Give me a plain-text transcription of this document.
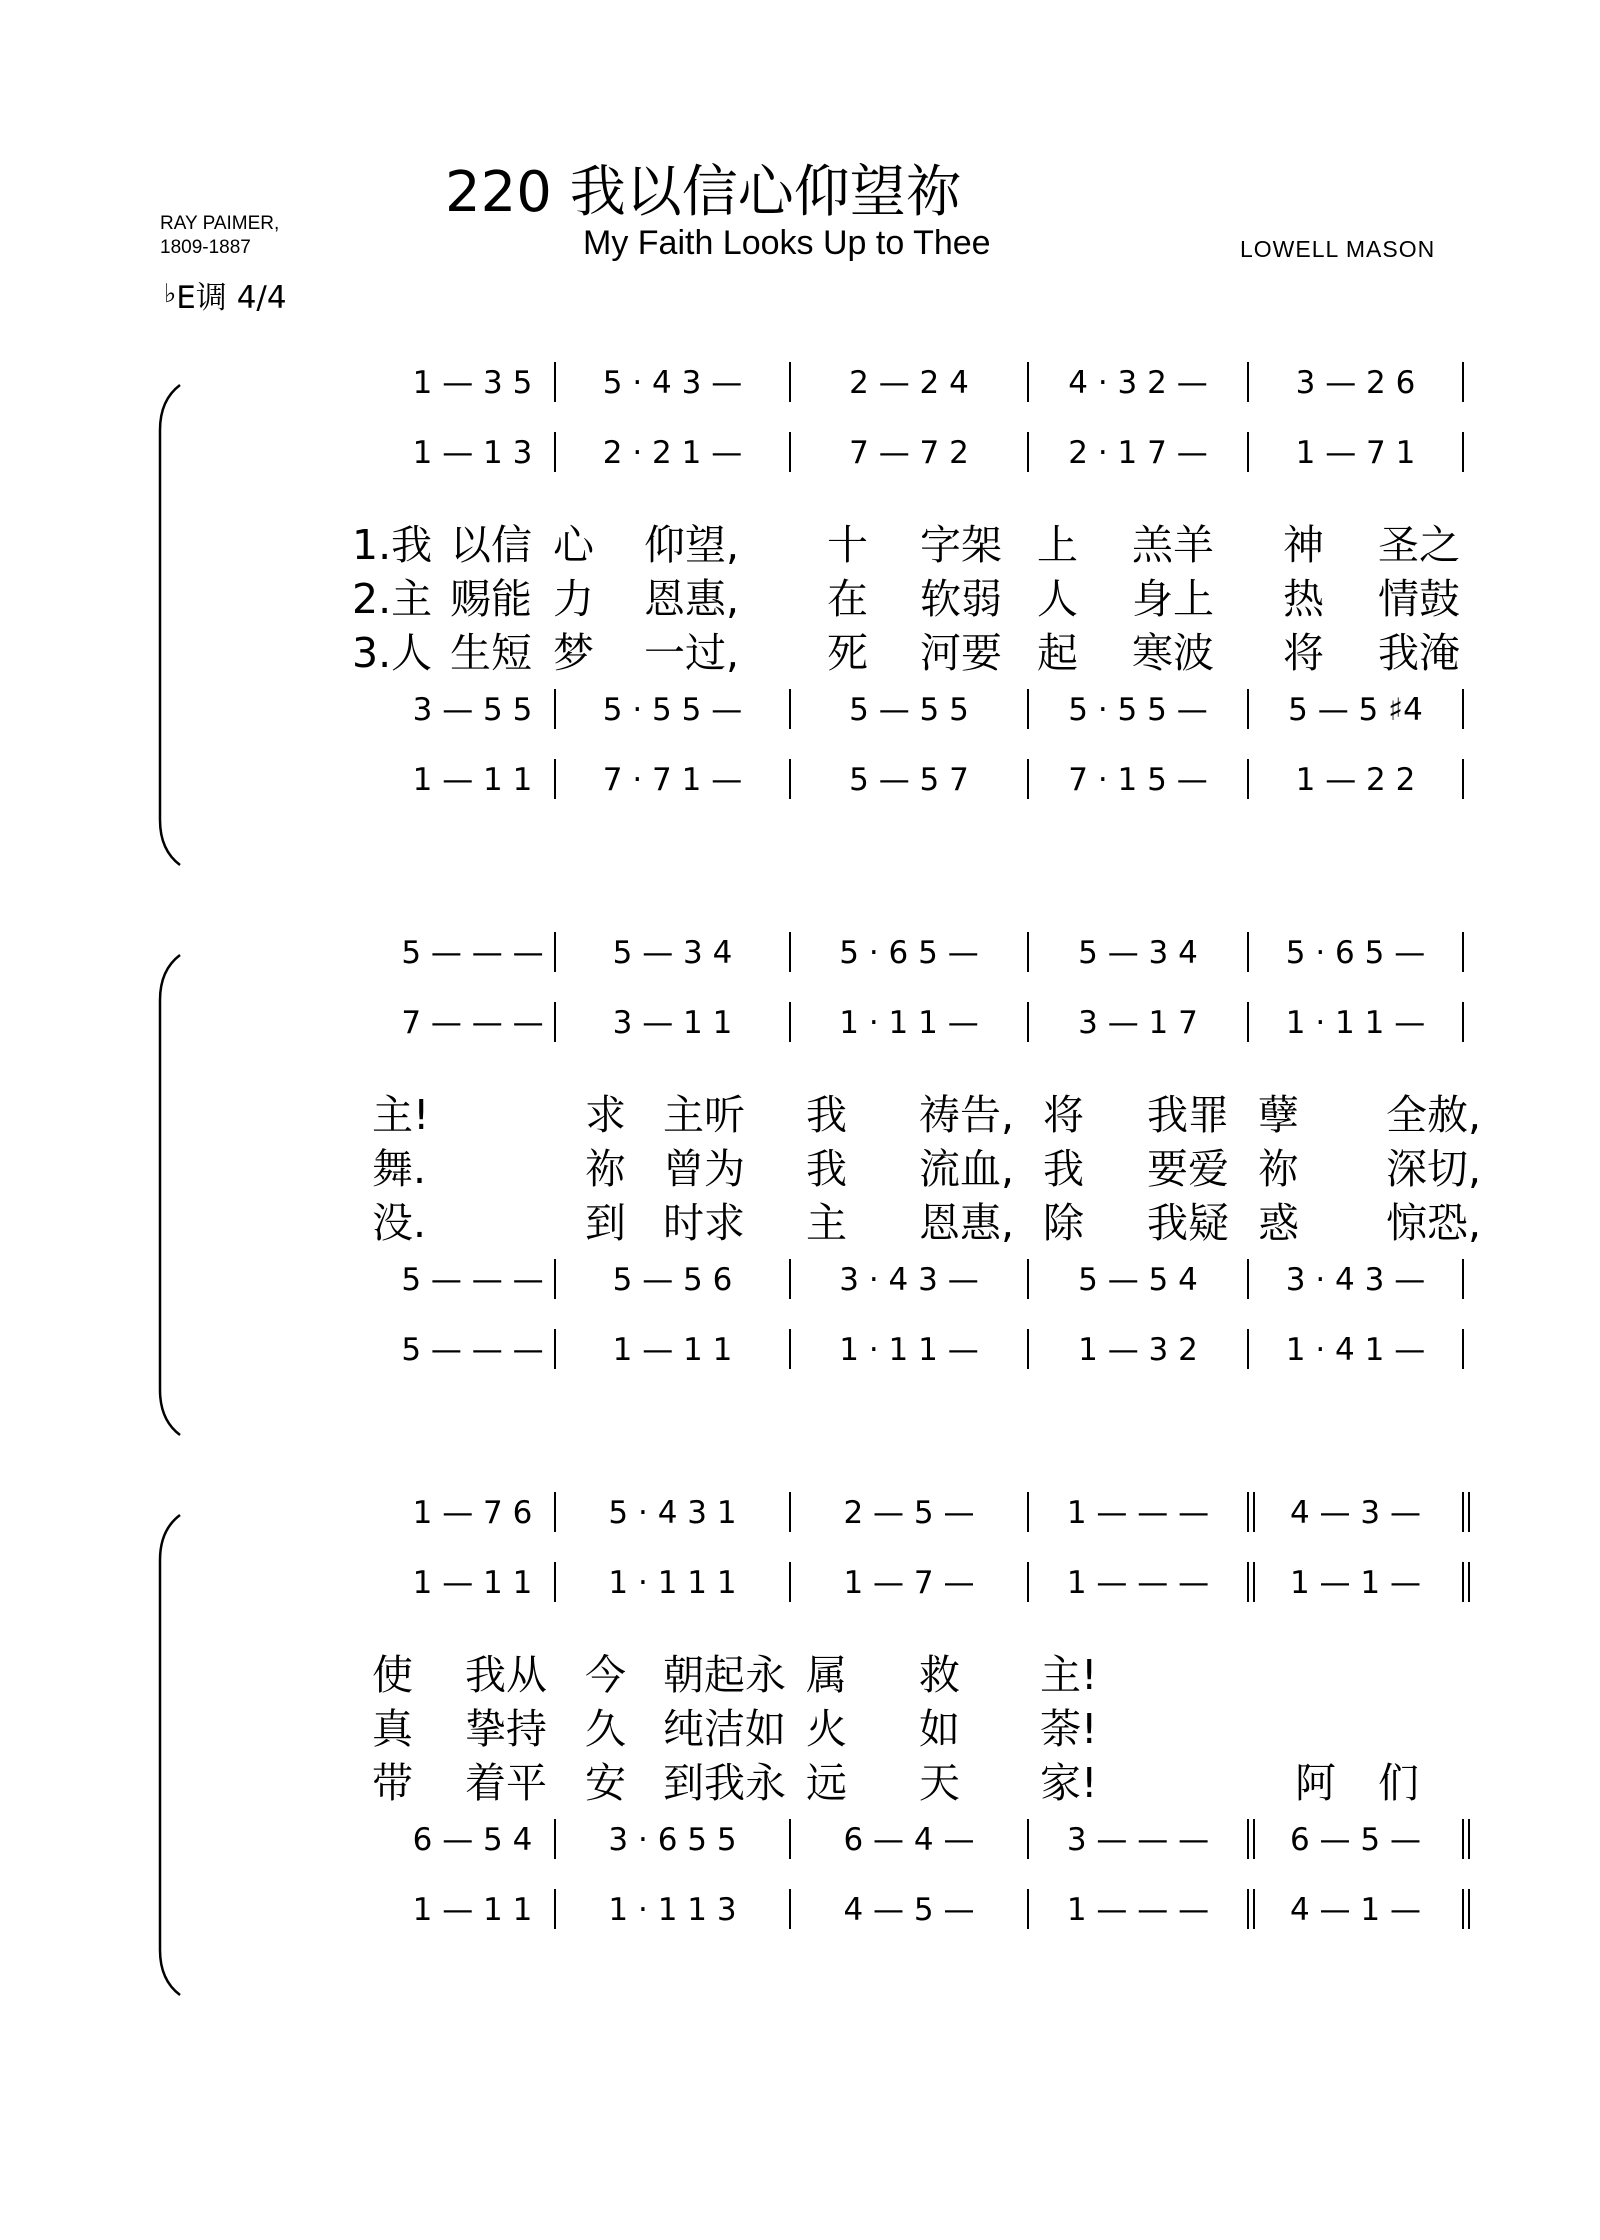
220 我以信心仰望祢
My Faith Looks Up to Thee
RAY PAIMER,
1809-1887	LOWELL MASON
♭E调 4/4
1 — 3 5 5 · 4 3 —	2 — 2 4	4 · 3 2 —	3 — 2 6
1 — 1 3 2 · 2 1 —	7 — 7 2	2 · 1 7 —	1 — 7 1
3 — 5 5 5 · 5 5 —	5 — 5 5	5 · 5 5 —	5 — 5 ♯4
1 — 1 1 7 · 7 1 —	5 — 5 7	7 · 1 5 —	1 — 2 2
1.我 以信 心 仰望, 十 字架 上 羔羊 神 圣之
2.主 赐能 力 恩惠, 在 软弱 人 身上 热 情鼓
3.人 生短 梦 一过, 死 河要 起 寒波 将 我淹
5 — — — 5 — 3 4	5 · 6 5 —	5 — 3 4	5 · 6 5 —
7 — — — 3 — 1 1	1 · 1 1 —	3 — 1 7	1 · 1 1 —
5 — — — 5 — 5 6	3 · 4 3 —	5 — 5 4	3 · 4 3 —
5 — — — 1 — 1 1	1 · 1 1 —	1 — 3 2	1 · 4 1 —
主!	求 主听 我 祷告, 将 我罪 孽 全赦,
舞.	祢 曾为 我 流血, 我 要爱 祢 深切,
没.	到 时求 主 恩惠, 除 我疑 惑 惊恐,
1 — 7 6 5 · 4 3 1	2 — 5 —	1 — — —	4 — 3 —
1 — 1 1 1 · 1 1 1	1 — 7 —	1 — — —	1 — 1 —
6 — 5 4 3 · 6 5 5	6 — 4 —	3 — — —	6 — 5 —
1 — 1 1 1 · 1 1 3	4 — 5 —	1 — — —	4 — 1 —
使 我从 今 朝起永 属 救 主!
真 挚持 久 纯洁如 火 如 荼!
带 着平 安 到我永 远 天 家!	阿 们
